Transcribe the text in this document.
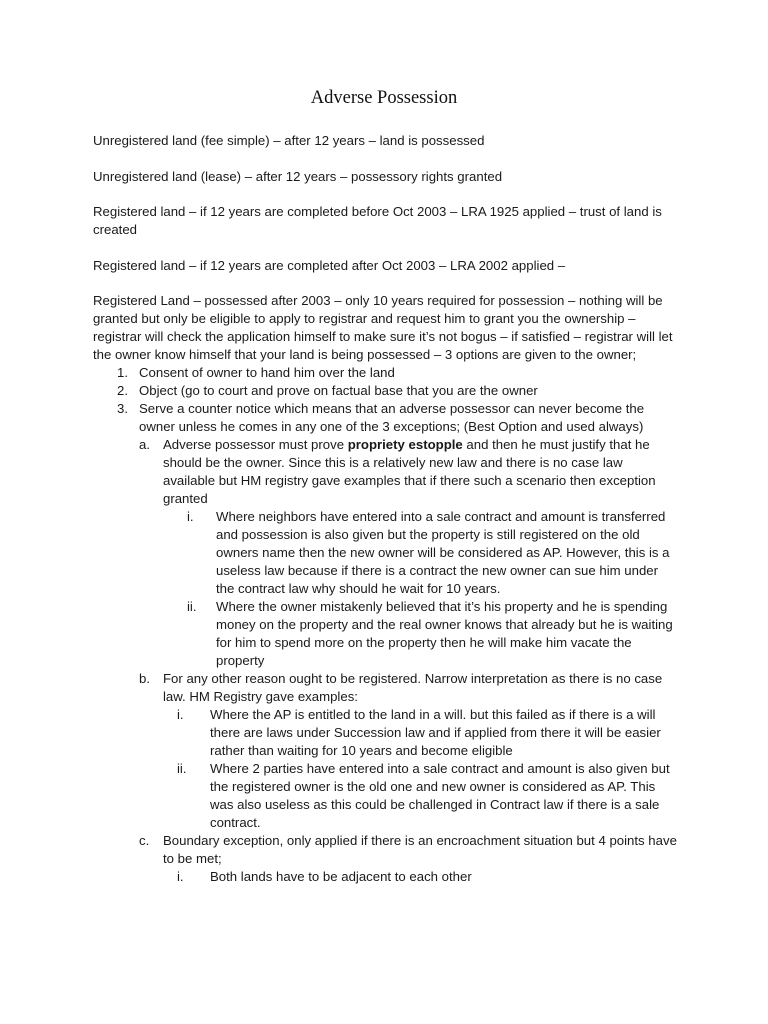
Adverse Possession

Unregistered land (fee simple) – after 12 years – land is possessed

Unregistered land (lease) – after 12 years – possessory rights granted

Registered land – if 12 years are completed before Oct 2003 – LRA 1925 applied – trust of land is created

Registered land – if 12 years are completed after Oct 2003 – LRA 2002 applied –

Registered Land – possessed after 2003 – only 10 years required for possession – nothing will be granted but only be eligible to apply to registrar and request him to grant you the ownership – registrar will check the application himself to make sure it’s not bogus – if satisfied – registrar will let the owner know himself that your land is being possessed – 3 options are given to the owner;

1. Consent of owner to hand him over the land
2. Object (go to court and prove on factual base that you are the owner
3. Serve a counter notice which means that an adverse possessor can never become the owner unless he comes in any one of the 3 exceptions; (Best Option and used always)
a. Adverse possessor must prove propriety estopple and then he must justify that he should be the owner. Since this is a relatively new law and there is no case law available but HM registry gave examples that if there such a scenario then exception granted
i. Where neighbors have entered into a sale contract and amount is transferred and possession is also given but the property is still registered on the old owners name then the new owner will be considered as AP. However, this is a useless law because if there is a contract the new owner can sue him under the contract law why should he wait for 10 years.
ii. Where the owner mistakenly believed that it’s his property and he is spending money on the property and the real owner knows that already but he is waiting for him to spend more on the property then he will make him vacate the property
b. For any other reason ought to be registered. Narrow interpretation as there is no case law. HM Registry gave examples:
i. Where the AP is entitled to the land in a will. but this failed as if there is a will there are laws under Succession law and if applied from there it will be easier rather than waiting for 10 years and become eligible
ii. Where 2 parties have entered into a sale contract and amount is also given but the registered owner is the old one and new owner is considered as AP. This was also useless as this could be challenged in Contract law if there is a sale contract.
c. Boundary exception, only applied if there is an encroachment situation but 4 points have to be met;
i. Both lands have to be adjacent to each other
